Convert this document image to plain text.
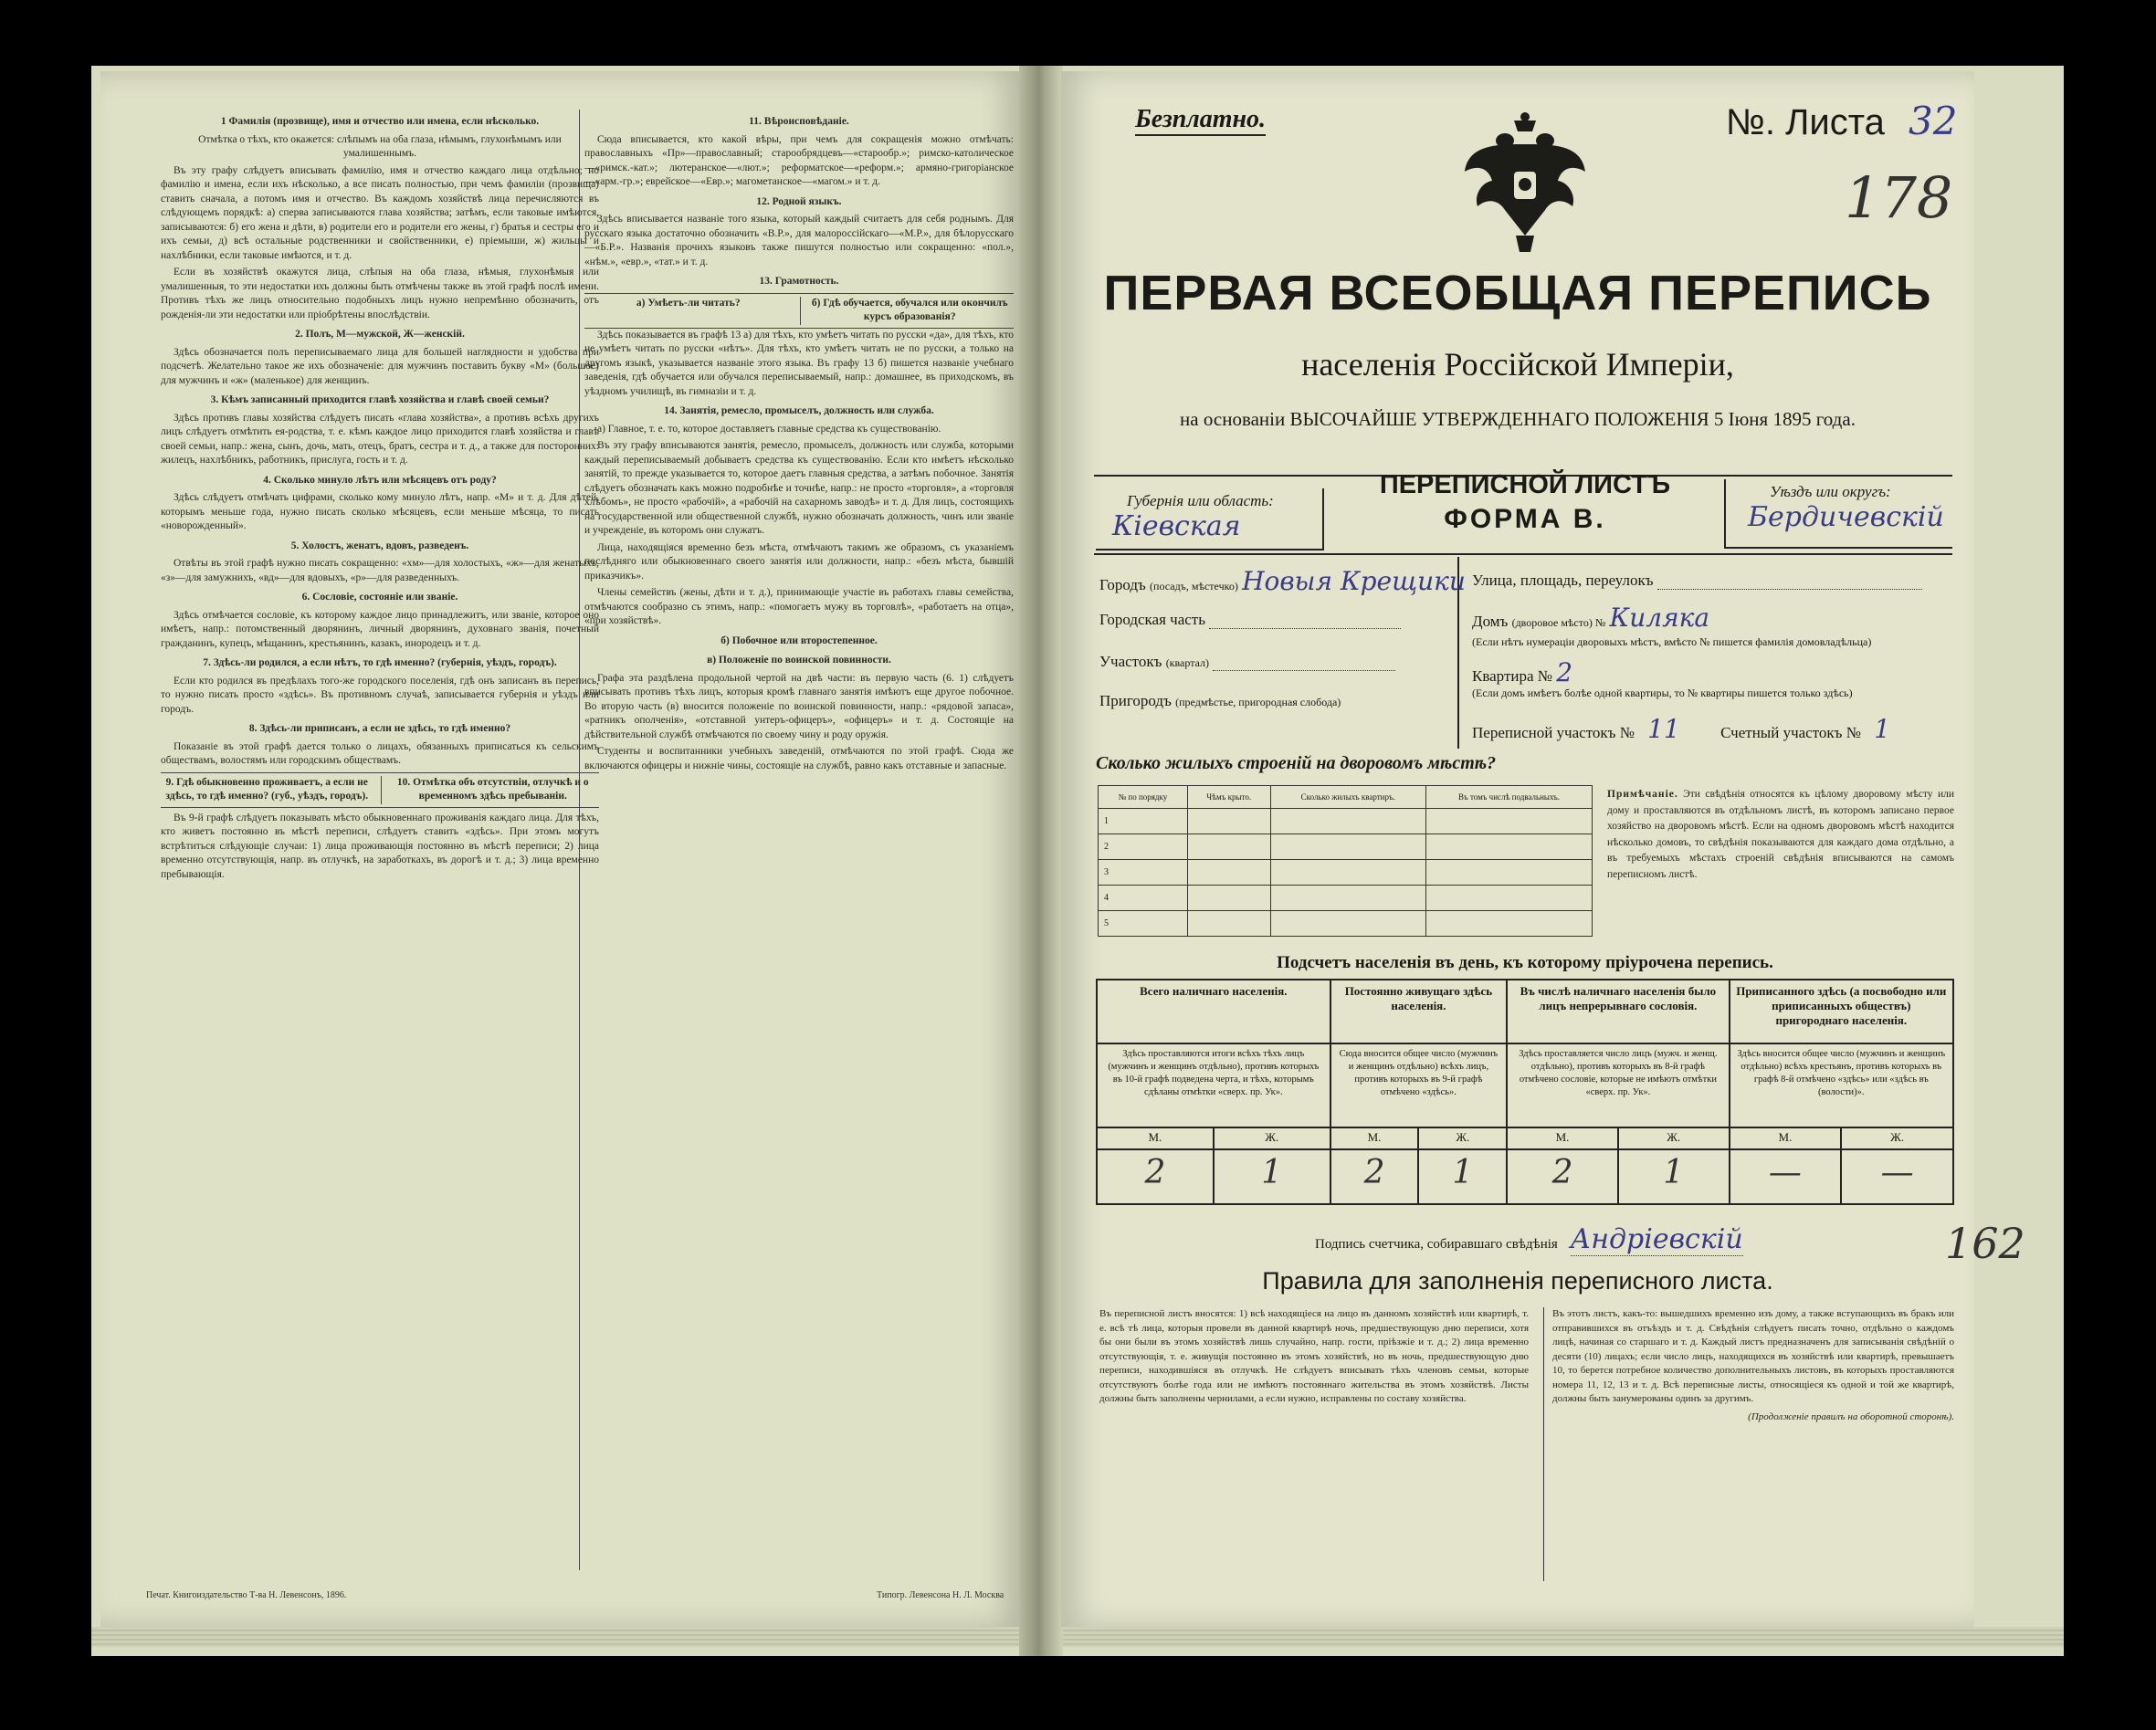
1 Фамилія (прозвище), имя и отчество или имена, если нѣсколько.

Отмѣтка о тѣхъ, кто окажется: слѣпымъ на оба глаза, нѣмымъ, глухонѣмымъ или умалишеннымъ.

Въ эту графу слѣдуетъ вписывать фамилію, имя и отчество каждаго лица отдѣльно; но фамилію и имена, если ихъ нѣсколько, а все писать полностью, при чемъ фамиліи (прозвища) ставить сначала, а потомъ имя и отчество. Въ каждомъ хозяйствѣ лица перечисляются въ слѣдующемъ порядкѣ: а) сперва записываются глава хозяйства; затѣмъ, если таковые имѣются, записываются: б) его жена и дѣти, в) родители его и родители его жены, г) братья и сестры его и ихъ семьи, д) всѣ остальные родственники и свойственники, е) пріемыши, ж) жильцы и нахлѣбники, если таковые имѣются, и т. д.

Если въ хозяйствѣ окажутся лица, слѣпыя на оба глаза, нѣмыя, глухонѣмыя или умалишенныя, то эти недостатки ихъ должны быть отмѣчены также въ этой графѣ послѣ имени. Противъ тѣхъ же лицъ относительно подобныхъ лицъ нужно непремѣнно обозначить, отъ рожденія-ли эти недостатки или пріобрѣтены впослѣдствіи.

2. Полъ, М—мужской, Ж—женскій.

Здѣсь обозначается полъ переписываемаго лица для большей наглядности и удобства при подсчетѣ. Желательно такое же ихъ обозначеніе: для мужчинъ поставить букву «М» (большое) для мужчинъ и «ж» (маленькое) для женщинъ.

3. Кѣмъ записанный приходится главѣ хозяйства и главѣ своей семьи?

Здѣсь противъ главы хозяйства слѣдуетъ писать «глава хозяйства», а противъ всѣхъ другихъ лицъ слѣдуетъ отмѣтить ея-родства, т. е. кѣмъ каждое лицо приходится главѣ хозяйства и главѣ своей семьи, напр.: жена, сынъ, дочь, мать, отецъ, братъ, сестра и т. д., а также для посторонних: жилецъ, нахлѣбникъ, работникъ, прислуга, гость и т. д.

4. Сколько минуло лѣтъ или мѣсяцевъ отъ роду?

Здѣсь слѣдуетъ отмѣчать цифрами, сколько кому минуло лѣтъ, напр. «М» и т. д. Для дѣтей, которымъ меньше года, нужно писать сколько мѣсяцевъ, если меньше мѣсяца, то писать «новорожденный».

5. Холостъ, женатъ, вдовъ, разведенъ.

Отвѣты въ этой графѣ нужно писать сокращенно: «хм»—для холостыхъ, «ж»—для женатыхъ, «з»—для замужнихъ, «вд»—для вдовыхъ, «р»—для разведенныхъ.

6. Сословіе, состояніе или званіе.

Здѣсь отмѣчается сословіе, къ которому каждое лицо принадлежитъ, или званіе, которое оно имѣетъ, напр.: потомственный дворянинъ, личный дворянинъ, духовнаго званія, почетный гражданинъ, купецъ, мѣщанинъ, крестьянинъ, казакъ, инородецъ и т. д.

7. Здѣсь-ли родился, а если нѣтъ, то гдѣ именно? (губернія, уѣздъ, городъ).

Если кто родился въ предѣлахъ того-же городского поселенія, гдѣ онъ записанъ въ перепись, то нужно писать просто «здѣсь». Въ противномъ случаѣ, записывается губернія и уѣздъ или городъ.

8. Здѣсь-ли приписанъ, а если не здѣсь, то гдѣ именно?

Показаніе въ этой графѣ дается только о лицахъ, обязанныхъ приписаться къ сельскимъ обществамъ, волостямъ или городскимъ обществамъ.

9. Гдѣ обыкновенно проживаетъ, а если не здѣсь, то гдѣ именно? (губ., уѣздъ, городъ).
10. Отмѣтка объ отсутствіи, отлучкѣ и о временномъ здѣсь пребываніи.

Въ 9-й графѣ слѣдуетъ показывать мѣсто обыкновеннаго проживанія каждаго лица. Для тѣхъ, кто живетъ постоянно въ мѣстѣ переписи, слѣдуетъ ставить «здѣсь». При этомъ могутъ встрѣтиться слѣдующіе случаи: 1) лица проживающія постоянно въ мѣстѣ переписи; 2) лица временно отсутствующія, напр. въ отлучкѣ, на заработкахъ, въ дорогѣ и т. д.; 3) лица временно пребывающія.

11. Вѣроисповѣданіе.

Сюда вписывается, кто какой вѣры, при чемъ для сокращенія можно отмѣчать: православныхъ «Пр»—православный; старообрядцевъ—«старообр.»; римско-католическое—«римск.-кат.»; лютеранское—«лют.»; реформатское—«реформ.»; армяно-григоріанское—«арм.-гр.»; еврейское—«Евр.»; магометанское—«магом.» и т. д.

12. Родной языкъ.

Здѣсь вписывается названіе того языка, который каждый считаетъ для себя роднымъ. Для русскаго языка достаточно обозначить «В.Р.», для малороссійскаго—«М.Р.», для бѣлорусскаго—«Б.Р.». Названія прочихъ языковъ также пишутся полностью или сокращенно: «пол.», «нѣм.», «евр.», «тат.» и т. д.

13. Грамотность.
а) Умѣетъ-ли читать?	б) Гдѣ обучается, обучался или окончилъ курсъ образованія?

Здѣсь показывается въ графѣ 13 а) для тѣхъ, кто умѣетъ читать по русски «да», для тѣхъ, кто не умѣетъ читать по русски «нѣтъ». Для тѣхъ, кто умѣетъ читать не по русски, а только на другомъ языкѣ, указывается названіе этого языка. Въ графу 13 б) пишется названіе учебнаго заведенія, гдѣ обучается или обучался переписываемый, напр.: домашнее, въ приходскомъ, въ уѣздномъ училищѣ, въ гимназіи и т. д.

14. Занятія, ремесло, промыселъ, должность или служба.

а) Главное, т. е. то, которое доставляетъ главные средства къ существованію.

Въ эту графу вписываются занятія, ремесло, промыселъ, должность или служба, которыми каждый переписываемый добываетъ средства къ существованію. Если кто имѣетъ нѣсколько занятій, то прежде указывается то, которое даетъ главныя средства, а затѣмъ побочное. Занятія слѣдуетъ обозначать какъ можно подробнѣе и точнѣе, напр.: не просто «торговля», а «торговля хлѣбомъ», не просто «рабочій», а «рабочій на сахарномъ заводѣ» и т. д. Для лицъ, состоящихъ на государственной или общественной службѣ, нужно обозначать должность, чинъ или званіе и учрежденіе, въ которомъ они служатъ.

Лица, находящіяся временно безъ мѣста, отмѣчаютъ такимъ же образомъ, съ указаніемъ послѣдняго или обыкновеннаго своего занятія или должности, напр.: «безъ мѣста, бывшій приказчикъ».

Члены семействъ (жены, дѣти и т. д.), принимающіе участіе въ работахъ главы семейства, отмѣчаются сообразно съ этимъ, напр.: «помогаетъ мужу въ торговлѣ», «работаетъ на отца», «при хозяйствѣ».

б) Побочное или второстепенное.
в) Положеніе по воинской повинности.

Графа эта раздѣлена продольной чертой на двѣ части: въ первую часть (6. 1) слѣдуетъ вписывать противъ тѣхъ лицъ, которыя кромѣ главнаго занятія имѣютъ еще другое побочное. Во вторую часть (в) вносится положеніе по воинской повинности, напр.: «рядовой запаса», «ратникъ ополченія», «отставной унтеръ-офицеръ», «офицеръ» и т. д. Состоящіе на дѣйствительной службѣ отмѣчаются по своему чину и роду оружія.

Студенты и воспитанники учебныхъ заведеній, отмѣчаются по этой графѣ. Сюда же включаются офицеры и нижніе чины, состоящіе на службѣ, равно какъ отставные и запасные.

Печат. Книгоиздательство Т-ва Н. Левенсонъ, 1896.	Типогр. Левенсона Н. Л. Москва
Безплатно.	№. Листа 32
178
162
ПЕРВАЯ ВСЕОБЩАЯ ПЕРЕПИСЬ
населенія Россійской Имперіи,
на основаніи ВЫСОЧАЙШЕ УТВЕРЖДЕННАГО ПОЛОЖЕНІЯ 5 Іюня 1895 года.
Губернія или область:
Кіевская
ПЕРЕПИСНОЙ ЛИСТЪ
ФОРМА В.
Уѣздъ или округъ:
Бердичевскій
Городъ (посадъ, мѣстечко) Новыя Крещики
Городская часть
Участокъ (квартал)
Пригородъ (предмѣстье, пригородная слобода)
Улица, площадь, переулокъ
Домъ (дворовое мѣсто) № Киляка
(Если нѣтъ нумераціи дворовыхъ мѣстъ, вмѣсто № пишется фамилія домовладѣльца)
Квартира № 2
(Если домъ имѣетъ болѣе одной квартиры, то № квартиры пишется только здѣсь)
Переписной участокъ № 11	Счетный участокъ № 1
Сколько жилыхъ строеній на дворовомъ мѣстѣ?
№ по порядку	Чѣмъ крыто.	Сколько жилыхъ квартиръ.	Въ томъ числѣ подвальныхъ.
1			
2			
3			
4			
5			
Примѣчаніе. Эти свѣдѣнія относятся къ цѣлому дворовому мѣсту или дому и проставляются въ отдѣльномъ листѣ, въ которомъ записано первое хозяйство на дворовомъ мѣстѣ. Если на одномъ дворовомъ мѣстѣ находится нѣсколько домовъ, то свѣдѣнія показываются для каждаго дома отдѣльно, а въ требуемыхъ мѣстахъ строеній свѣдѣнія вписываются на самомъ переписномъ листѣ.
Подсчетъ населенія въ день, къ которому пріурочена перепись.
Всего наличнаго населенія.		Постоянно живущаго здѣсь населенія.		Въ числѣ наличнаго населенія было лицъ непрерывнаго сословія.		Приписанного здѣсь (а посвободно или приписанныхъ обществъ) пригороднаго населенія.	
Здѣсь проставляются итоги всѣхъ тѣхъ лицъ (мужчинъ и женщинъ отдѣльно), противъ которыхъ въ 10-й графѣ подведена черта, и тѣхъ, которымъ сдѣланы отмѣтки «сверх. пр. Ук».		Сюда вносится общее число (мужчинъ и женщинъ отдѣльно) всѣхъ лицъ, противъ которыхъ въ 9-й графѣ отмѣчено «здѣсь».		Здѣсь проставляется число лицъ (мужч. и женщ. отдѣльно), противъ которыхъ въ 8-й графѣ отмѣчено сословіе, которые не имѣютъ отмѣтки «сверх. пр. Ук».		Здѣсь вносится общее число (мужчинъ и женщинъ отдѣльно) всѣхъ крестьянъ, противъ которыхъ въ графѣ 8-й отмѣчено «здѣсь» или «здѣсь въ (волости)».	
М.	Ж.	М.	Ж.	М.	Ж.	М.	Ж.
2	1	2	1	2	1	—	—
Подпись счетчика, собиравшаго свѣдѣнія Андріевскій
Правила для заполненія переписного листа.
Въ переписной листъ вносятся: 1) всѣ находящіеся на лицо въ данномъ хозяйствѣ или квартирѣ, т. е. всѣ тѣ лица, которыя провели въ данной квартирѣ ночь, предшествующую дню переписи, хотя бы они были въ этомъ хозяйствѣ лишь случайно, напр. гости, пріѣзжіе и т. д.; 2) лица временно отсутствующія, т. е. живущія постоянно въ этомъ хозяйствѣ, но въ ночь, предшествующую дню переписи, находившіяся въ отлучкѣ. Не слѣдуетъ вписывать тѣхъ членовъ семьи, которые отсутствуютъ болѣе года или не имѣютъ постояннаго жительства въ этомъ хозяйствѣ. Листы должны быть заполнены чернилами, а если нужно, исправлены по составу хозяйства.
Въ этотъ листъ, какъ-то: вышедшихъ временно изъ дому, а также вступающихъ въ бракъ или отправившихся въ отъѣздъ и т. д. Свѣдѣнія слѣдуетъ писать точно, отдѣльно о каждомъ лицѣ, начиная со старшаго и т. д. Каждый листъ предназначенъ для записыванія свѣдѣній о десяти (10) лицахъ; если число лицъ, находящихся въ хозяйствѣ или квартирѣ, превышаетъ 10, то берется потребное количество дополнительныхъ листовъ, въ которыхъ проставляются номера 11, 12, 13 и т. д. Всѣ переписные листы, относящіеся къ одной и той же квартирѣ, должны быть занумерованы одинъ за другимъ.
(Продолженіе правилъ на оборотной сторонѣ).
